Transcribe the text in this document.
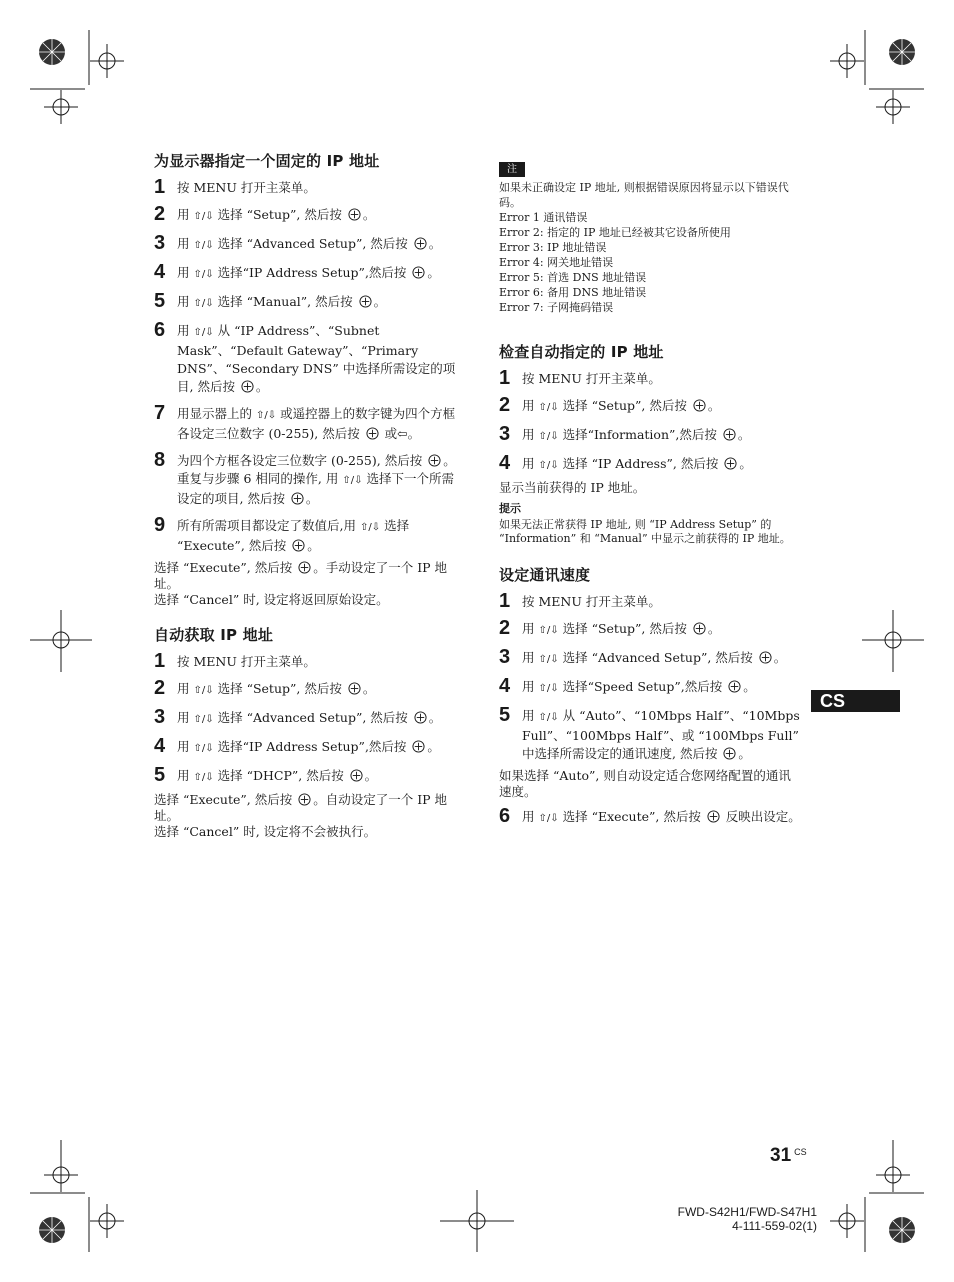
为显示器指定一个固定的 IP 地址
1 按 MENU 打开主菜单。
2 用 ⇧/⇩ 选择 “Setup”, 然后按 。
3 用 ⇧/⇩ 选择 “Advanced Setup”, 然后按 。
4 用 ⇧/⇩ 选择“IP Address Setup”,然后按 。
5 用 ⇧/⇩ 选择 “Manual”, 然后按 。
6 用 ⇧/⇩ 从 “IP Address”、“Subnet Mask”、“Default Gateway”、“Primary DNS”、“Secondary DNS” 中选择所需设定的项目, 然后按 。
7 用显示器上的 ⇧/⇩ 或遥控器上的数字键为四个方框各设定三位数字 (0-255), 然后按  或⇦。
8 为四个方框各设定三位数字 (0-255), 然后按 。重复与步骤 6 相同的操作, 用 ⇧/⇩ 选择下一个所需设定的项目, 然后按 。
9 所有所需项目都设定了数值后,用 ⇧/⇩ 选择 “Execute”, 然后按 。

选择 “Execute”, 然后按 。手动设定了一个 IP 地址。

选择 “Cancel” 时, 设定将返回原始设定。

自动获取 IP 地址
1 按 MENU 打开主菜单。
2 用 ⇧/⇩ 选择 “Setup”, 然后按 。
3 用 ⇧/⇩ 选择 “Advanced Setup”, 然后按 。
4 用 ⇧/⇩ 选择“IP Address Setup”,然后按 。
5 用 ⇧/⇩ 选择 “DHCP”, 然后按 。

选择 “Execute”, 然后按 。自动设定了一个 IP 地址。

选择 “Cancel” 时, 设定将不会被执行。

注

如果未正确设定 IP 地址, 则根据错误原因将显示以下错误代码。

Error 1 通讯错误

Error 2: 指定的 IP 地址已经被其它设备所使用

Error 3: IP 地址错误

Error 4: 网关地址错误

Error 5: 首选 DNS 地址错误

Error 6: 备用 DNS 地址错误

Error 7: 子网掩码错误

检查自动指定的 IP 地址
1 按 MENU 打开主菜单。
2 用 ⇧/⇩ 选择 “Setup”, 然后按 。
3 用 ⇧/⇩ 选择“Information”,然后按 。
4 用 ⇧/⇩ 选择 “IP Address”, 然后按 。

显示当前获得的 IP 地址。

提示

如果无法正常获得 IP 地址, 则 “IP Address Setup” 的 “Information” 和 “Manual” 中显示之前获得的 IP 地址。

设定通讯速度
1 按 MENU 打开主菜单。
2 用 ⇧/⇩ 选择 “Setup”, 然后按 。
3 用 ⇧/⇩ 选择 “Advanced Setup”, 然后按 。
4 用 ⇧/⇩ 选择“Speed Setup”,然后按 。
5 用 ⇧/⇩ 从 “Auto”、“10Mbps Half”、“10Mbps Full”、“100Mbps Half”、或 “100Mbps Full” 中选择所需设定的通讯速度, 然后按 。

如果选择 “Auto”, 则自动设定适合您网络配置的通讯速度。

6 用 ⇧/⇩ 选择 “Execute”, 然后按  反映出设定。
CS
31 $^{CS}$
FWD-S42H1/FWD-S47H1
4-111-559-02(1)
